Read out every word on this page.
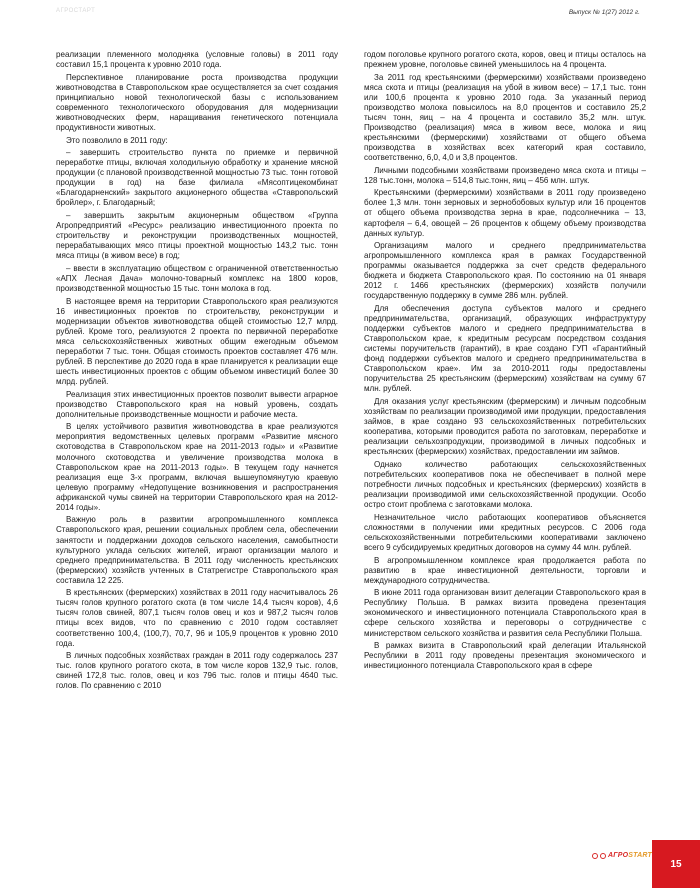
АГРОСТАРТ	Выпуск № 1(27) 2012 г.

реализации племенного молодняка (условные головы) в 2011 году составил 15,1 процента к уровню 2010 года.

Перспективное планирование роста производства продукции животноводства в Ставропольском крае осуществляется за счет создания принципиально новой технологической базы с использованием современного технологического оборудования для модернизации животноводческих ферм, наращивания генетического потенциала продуктивности животных.

Это позволило в 2011 году:

– завершить строительство пункта по приемке и первичной переработке птицы, включая холодильную обработку и хранение мясной продукции (с плановой производственной мощностью 73 тыс. тонн готовой продукции в год) на базе филиала «Мясоптицекомбинат «Благодарненский» закрытого акционерного общества «Ставропольский бройлер», г. Благодарный;

– завершить закрытым акционерным обществом «Группа Агропредприятий «Ресурс» реализацию инвестиционного проекта по строительству и реконструкции производственных мощностей, перерабатывающих мясо птицы проектной мощностью 143,2 тыс. тонн мяса птицы (в живом весе) в год;

– ввести в эксплуатацию обществом с ограниченной ответственностью «АПХ Лесная Дача» молочно-товарный комплекс на 1800 коров, производственной мощностью 15 тыс. тонн молока в год.

В настоящее время на территории Ставропольского края реализуются 16 инвестиционных проектов по строительству, реконструкции и модернизации объектов животноводства общей стоимостью 12,7 млрд. рублей. Кроме того, реализуются 2 проекта по первичной переработке мяса сельскохозяйственных животных общим ежегодным объемом переработки 7 тыс. тонн. Общая стоимость проектов составляет 476 млн. рублей. В перспективе до 2020 года в крае планируется к реализации еще шесть инвестиционных проектов с общим объемом инвестиций более 30 млрд. рублей.

Реализация этих инвестиционных проектов позволит вывести аграрное производство Ставропольского края на новый уровень, создать дополнительные производственные мощности и рабочие места.

В целях устойчивого развития животноводства в крае реализуются мероприятия ведомственных целевых программ «Развитие мясного скотоводства в Ставропольском крае на 2011-2013 годы» и «Развитие молочного скотоводства и увеличение производства молока в Ставропольском крае на 2011-2013 годы». В текущем году начнется реализация еще 3-х программ, включая вышеупомянутую краевую целевую программу «Недопущение возникновения и распространения африканской чумы свиней на территории Ставропольского края на 2012-2014 годы».

Важную роль в развитии агропромышленного комплекса Ставропольского края, решении социальных проблем села, обеспечении занятости и поддержании доходов сельского населения, самобытности культурного уклада сельских жителей, играют организации малого и среднего предпринимательства. В 2011 году численность крестьянских (фермерских) хозяйств учтенных в Статрегистре Ставропольского края составила 12 225.

В крестьянских (фермерских) хозяйствах в 2011 году насчитывалось 26 тысяч голов крупного рогатого скота (в том числе 14,4 тысяч коров), 4,6 тысяч голов свиней, 807,1 тысяч голов овец и коз и 987,2 тысяч голов птицы всех видов, что по сравнению с 2010 годом составляет соответственно 100,4, (100,7), 70,7, 96 и 105,9 процентов к уровню 2010 года.

В личных подсобных хозяйствах граждан в 2011 году содержалось 237 тыс. голов крупного рогатого скота, в том числе коров 132,9 тыс. голов, свиней 172,8 тыс. голов, овец и коз 796 тыс. голов и птицы 4640 тыс. голов. По сравнению с 2010

годом поголовье крупного рогатого скота, коров, овец и птицы осталось на прежнем уровне, поголовье свиней уменьшилось на 4 процента.

За 2011 год крестьянскими (фермерскими) хозяйствами произведено мяса скота и птицы (реализация на убой в живом весе) – 17,1 тыс. тонн или 100,6 процента к уровню 2010 года. За указанный период производство молока повысилось на 8,0 процентов и составило 25,2 тысяч тонн, яиц – на 4 процента и составило 35,2 млн. штук. Производство (реализация) мяса в живом весе, молока и яиц крестьянскими (фермерскими) хозяйствами от общего объема производства в хозяйствах всех категорий края составило, соответственно, 6,0, 4,0 и 3,8 процентов.

Личными подсобными хозяйствами произведено мяса скота и птицы – 128 тыс.тонн, молока – 514,8 тыс.тонн, яиц – 456 млн. штук.

Крестьянскими (фермерскими) хозяйствами в 2011 году произведено более 1,3 млн. тонн зерновых и зернобобовых культур или 16 процентов от общего объема производства зерна в крае, подсолнечника – 13, картофеля – 6,4, овощей – 26 процентов к общему объему производства данных культур.

Организациям малого и среднего предпринимательства агропромышленного комплекса края в рамках Государственной программы оказывается поддержка за счет средств федерального бюджета и бюджета Ставропольского края. По состоянию на 01 января 2012 г. 1466 крестьянских (фермерских) хозяйств получили государственную поддержку в сумме 286 млн. рублей.

Для обеспечения доступа субъектов малого и среднего предпринимательства, организаций, образующих инфраструктуру поддержки субъектов малого и среднего предпринимательства в Ставропольском крае, к кредитным ресурсам посредством создания системы поручительств (гарантий), в крае создано ГУП «Гарантийный фонд поддержки субъектов малого и среднего предпринимательства в Ставропольском крае». Им за 2010-2011 годы предоставлены поручительства 25 крестьянским (фермерским) хозяйствам на сумму 67 млн. рублей.

Для оказания услуг крестьянским (фермерским) и личным подсобным хозяйствам по реализации производимой ими продукции, предоставления займов, в крае создано 93 сельскохозяйственных потребительских кооператива, которыми проводится работа по заготовкам, переработке и реализации сельхозпродукции, производимой в личных подсобных и крестьянских (фермерских) хозяйствах, предоставлении им займов.

Однако количество работающих сельскохозяйственных потребительских кооперативов пока не обеспечивает в полной мере потребности личных подсобных и крестьянских (фермерских) хозяйств в реализации производимой ими сельскохозяйственной продукции. Особо остро стоит проблема с заготовками молока.

Незначительное число работающих кооперативов объясняется сложностями в получении ими кредитных ресурсов. С 2006 года сельскохозяйственными потребительскими кооперативами заключено всего 9 субсидируемых кредитных договоров на сумму 44 млн. рублей.

В агропромышленном комплексе края продолжается работа по развитию в крае инвестиционной деятельности, торговли и международного сотрудничества.

В июне 2011 года организован визит делегации Ставропольского края в Республику Польша. В рамках визита проведена презентация экономического и инвестиционного потенциала Ставропольского края в сфере сельского хозяйства и переговоры о сотрудничестве с министерством сельского хозяйства и развития села Республики Польша.

В рамках визита в Ставропольский край делегации Итальянской Республики в 2011 году проведены презентация экономического и инвестиционного потенциала Ставропольского края в сфере

АГРОSTART
15
